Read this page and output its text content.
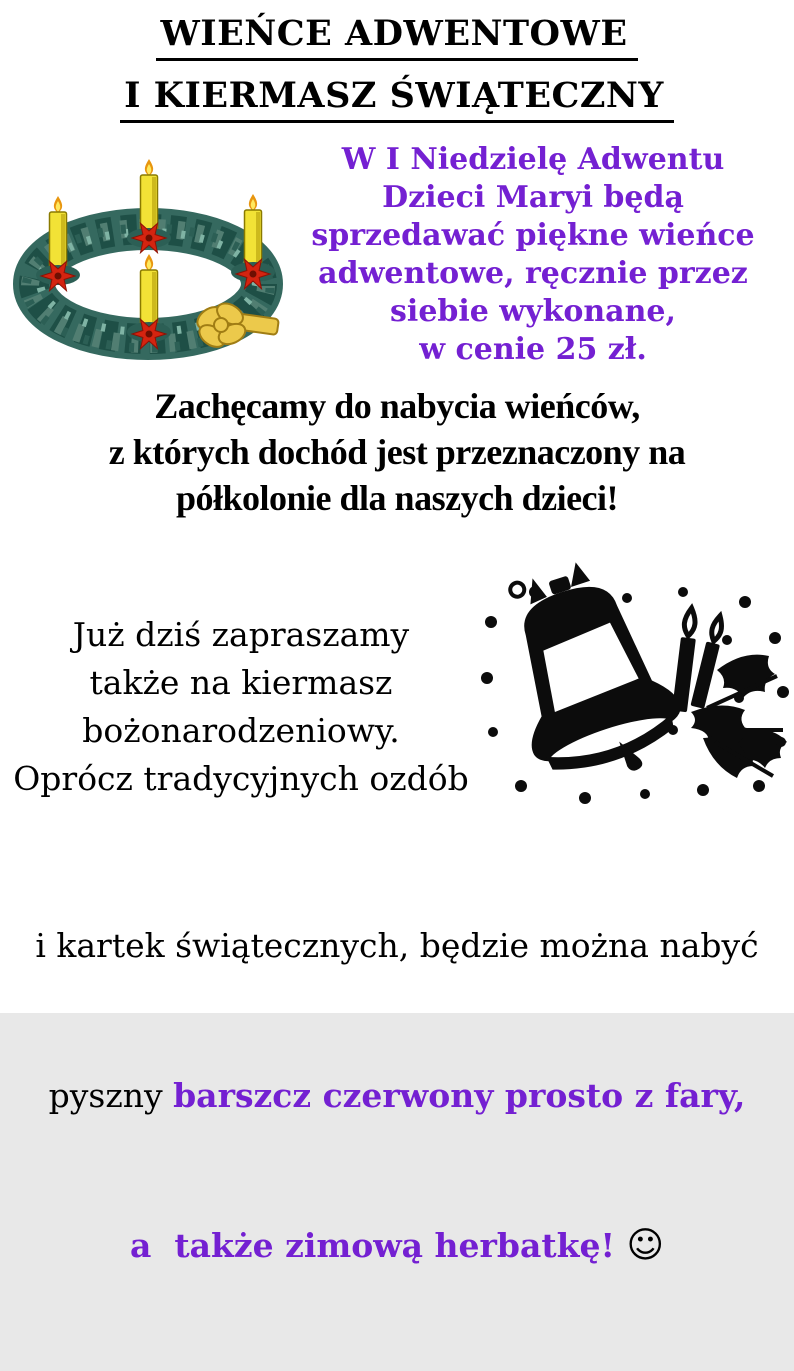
WIEŃCE ADWENTOWE
I KIERMASZ ŚWIĄTECZNY
W I Niedzielę Adwentu
Dzieci Maryi będą
sprzedawać piękne wieńce
adwentowe, ręcznie przez
siebie wykonane,
w cenie 25 zł.
Zachęcamy do nabycia wieńców,
z których dochód jest przeznaczony na
półkolonie dla naszych dzieci!
Już dziś zapraszamy
także na kiermasz
bożonarodzeniowy.
Oprócz tradycyjnych ozdób

i kartek świątecznych, będzie można nabyć

pyszny barszcz czerwony prosto z fary,

a  także zimową herbatkę! ☺
